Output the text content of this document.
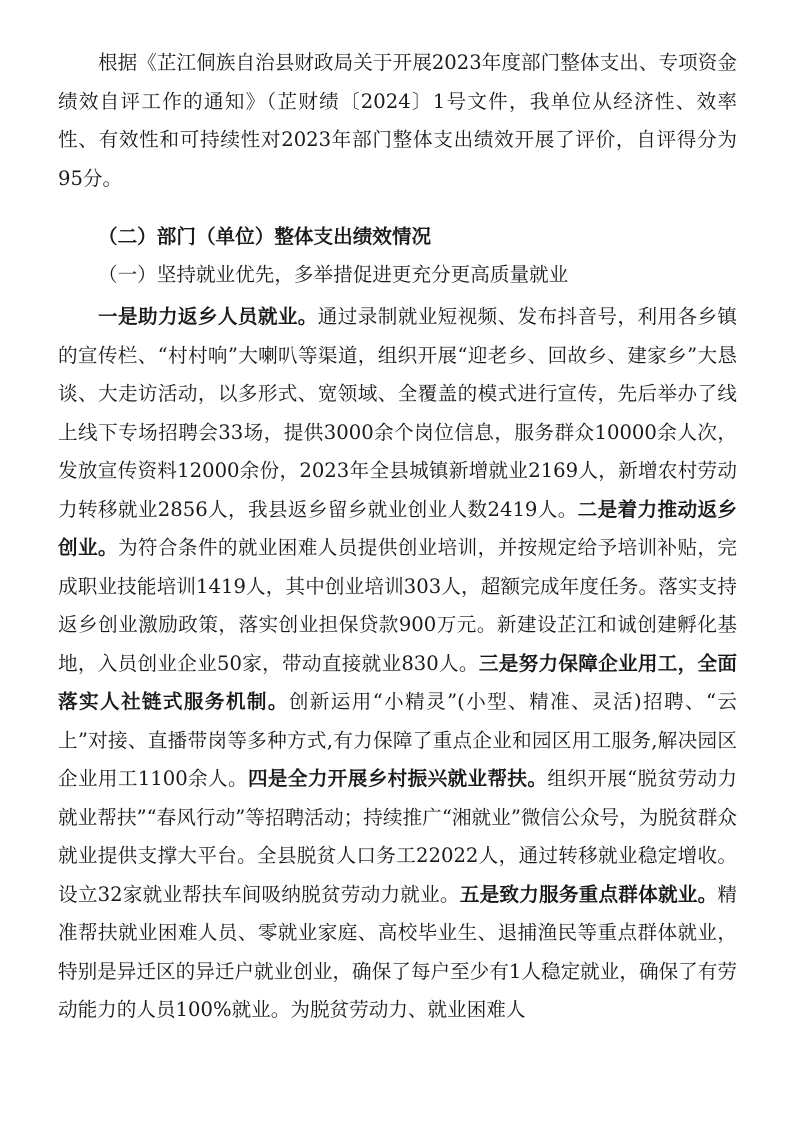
根据《芷江侗族自治县财政局关于开展2023年度部门整体支出、专项资金绩效自评工作的通知》（芷财绩〔2024〕1号文件，我单位从经济性、效率性、有效性和可持续性对2023年部门整体支出绩效开展了评价，自评得分为95分。

（二）部门（单位）整体支出绩效情况

（一）坚持就业优先，多举措促进更充分更高质量就业

一是助力返乡人员就业。通过录制就业短视频、发布抖音号，利用各乡镇的宣传栏、“村村响”大喇叭等渠道，组织开展“迎老乡、回故乡、建家乡”大恳谈、大走访活动，以多形式、宽领域、全覆盖的模式进行宣传，先后举办了线上线下专场招聘会33场，提供3000余个岗位信息，服务群众10000余人次，发放宣传资料12000余份，2023年全县城镇新增就业2169人，新增农村劳动力转移就业2856人，我县返乡留乡就业创业人数2419人。二是着力推动返乡创业。为符合条件的就业困难人员提供创业培训，并按规定给予培训补贴，完成职业技能培训1419人，其中创业培训303人，超额完成年度任务。落实支持返乡创业激励政策，落实创业担保贷款900万元。新建设芷江和诚创建孵化基地，入员创业企业50家，带动直接就业830人。三是努力保障企业用工，全面落实人社链式服务机制。创新运用“小精灵”(小型、精准、灵活)招聘、“云上”对接、直播带岗等多种方式,有力保障了重点企业和园区用工服务,解决园区企业用工1100余人。四是全力开展乡村振兴就业帮扶。组织开展“脱贫劳动力就业帮扶”“春风行动”等招聘活动；持续推广“湘就业”微信公众号，为脱贫群众就业提供支撑大平台。全县脱贫人口务工22022人，通过转移就业稳定增收。设立32家就业帮扶车间吸纳脱贫劳动力就业。五是致力服务重点群体就业。精准帮扶就业困难人员、零就业家庭、高校毕业生、退捕渔民等重点群体就业，特别是异迁区的异迁户就业创业，确保了每户至少有1人稳定就业，确保了有劳动能力的人员100%就业。为脱贫劳动力、就业困难人
